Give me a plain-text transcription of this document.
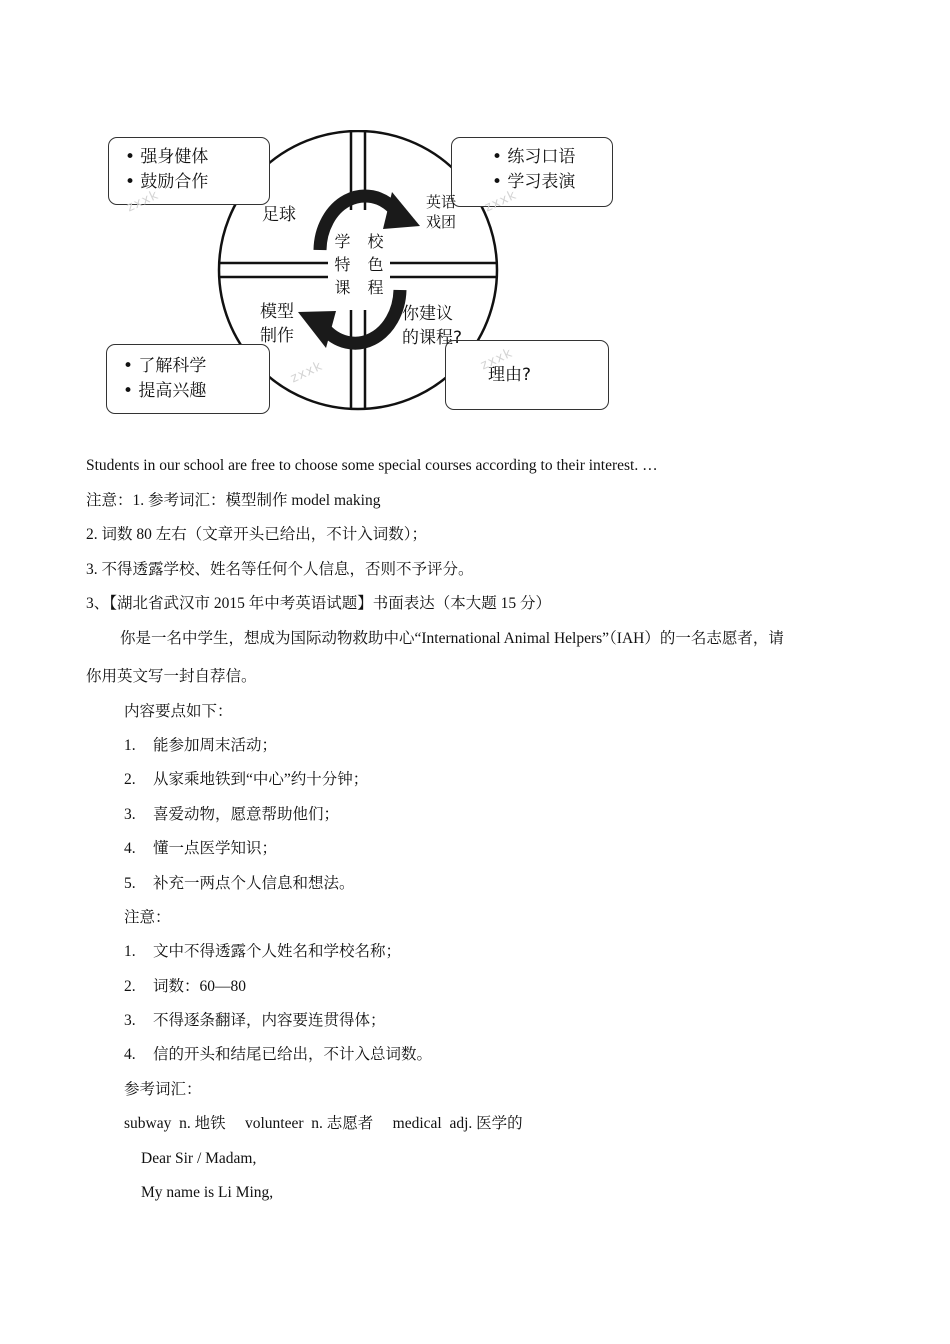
• 强身健体
• 鼓励合作
• 练习口语
• 学习表演
• 了解科学
• 提高兴趣
理由?
足球
英语
戏团
模型
制作
你建议
的课程?
学 校
特 色
课 程
zxxk	zxxk
zxxk	zxxk
Students in our school are free to choose some special courses according to their interest. …
注意：1. 参考词汇：模型制作 model making
2. 词数 80 左右（文章开头已给出，不计入词数）；
3. 不得透露学校、姓名等任何个人信息，否则不予评分。
3、【湖北省武汉市 2015 年中考英语试题】书面表达（本大题 15 分）
你是一名中学生，想成为国际动物救助中心“International Animal Helpers”（IAH）的一名志愿者，请
你用英文写一封自荐信。
内容要点如下：
1. 能参加周末活动；
2. 从家乘地铁到“中心”约十分钟；
3. 喜爱动物，愿意帮助他们；
4. 懂一点医学知识；
5. 补充一两点个人信息和想法。
注意：
1. 文中不得透露个人姓名和学校名称；
2. 词数：60—80
3. 不得逐条翻译，内容要连贯得体；
4. 信的开头和结尾已给出，不计入总词数。
参考词汇：
subway  n. 地铁     volunteer  n. 志愿者     medical  adj. 医学的
Dear Sir / Madam,
My name is Li Ming,
